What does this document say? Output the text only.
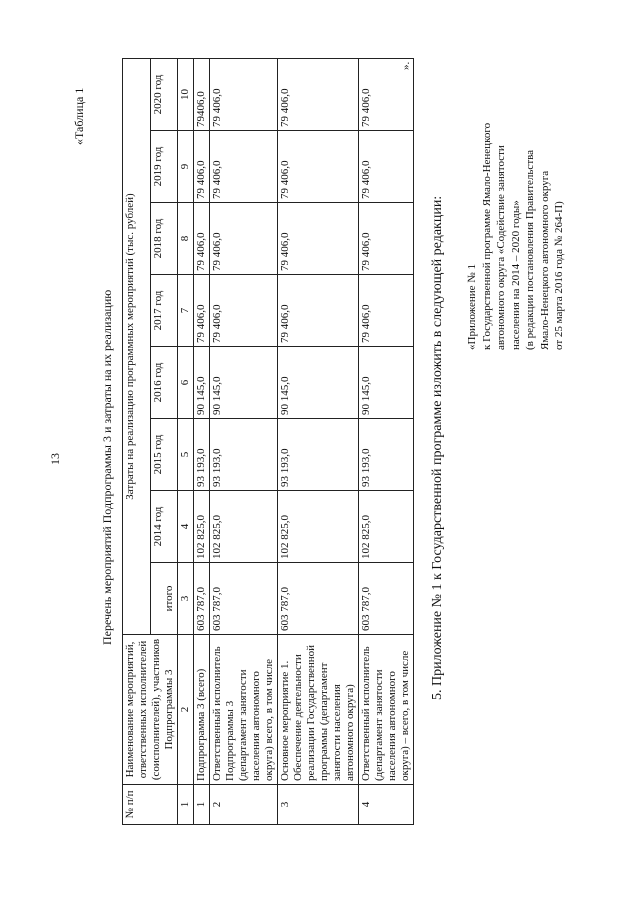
13
«Таблица 1
Перечень мероприятий Подпрограммы 3 и затраты на их реализацию
№ п/п	Наименование мероприятий, ответственных исполнителей (соисполнителей), участников Подпрограммы 3	Затраты на реализацию программных мероприятий (тыс. рублей)							
		итого	2014 год	2015 год	2016 год	2017 год	2018 год	2019 год	2020 год
1	2	3	4	5	6	7	8	9	10
1	Подпрограмма 3 (всего)	603 787,0	102 825,0	93 193,0	90 145,0	79 406,0	79 406,0	79 406,0	79406,0
2	Ответственный исполнитель Подпрограммы 3 (департамент занятости населения автономного округа) всего, в том числе	603 787,0	102 825,0	93 193,0	90 145,0	79 406,0	79 406,0	79 406,0	79 406,0
3	Основное мероприятие 1. Обеспечение деятельности реализации Государственной программы (департамент занятости населения автономного округа)	603 787,0	102 825,0	93 193,0	90 145,0	79 406,0	79 406,0	79 406,0	79 406,0
4	Ответственный исполнитель (департамент занятости населения автономного округа) – всего, в том числе	603 787,0	102 825,0	93 193,0	90 145,0	79 406,0	79 406,0	79 406,0	79 406,0
».
5. Приложение № 1 к Государственной программе изложить в следующей редакции: «Приложение № 1 к Государственной программе Ямало-Ненецкого автономного округа «Содействие занятости населения на 2014 – 2020 годы» (в редакции постановления Правительства Ямало-Ненецкого автономного округа от 25 марта 2016 года № 264-П)
